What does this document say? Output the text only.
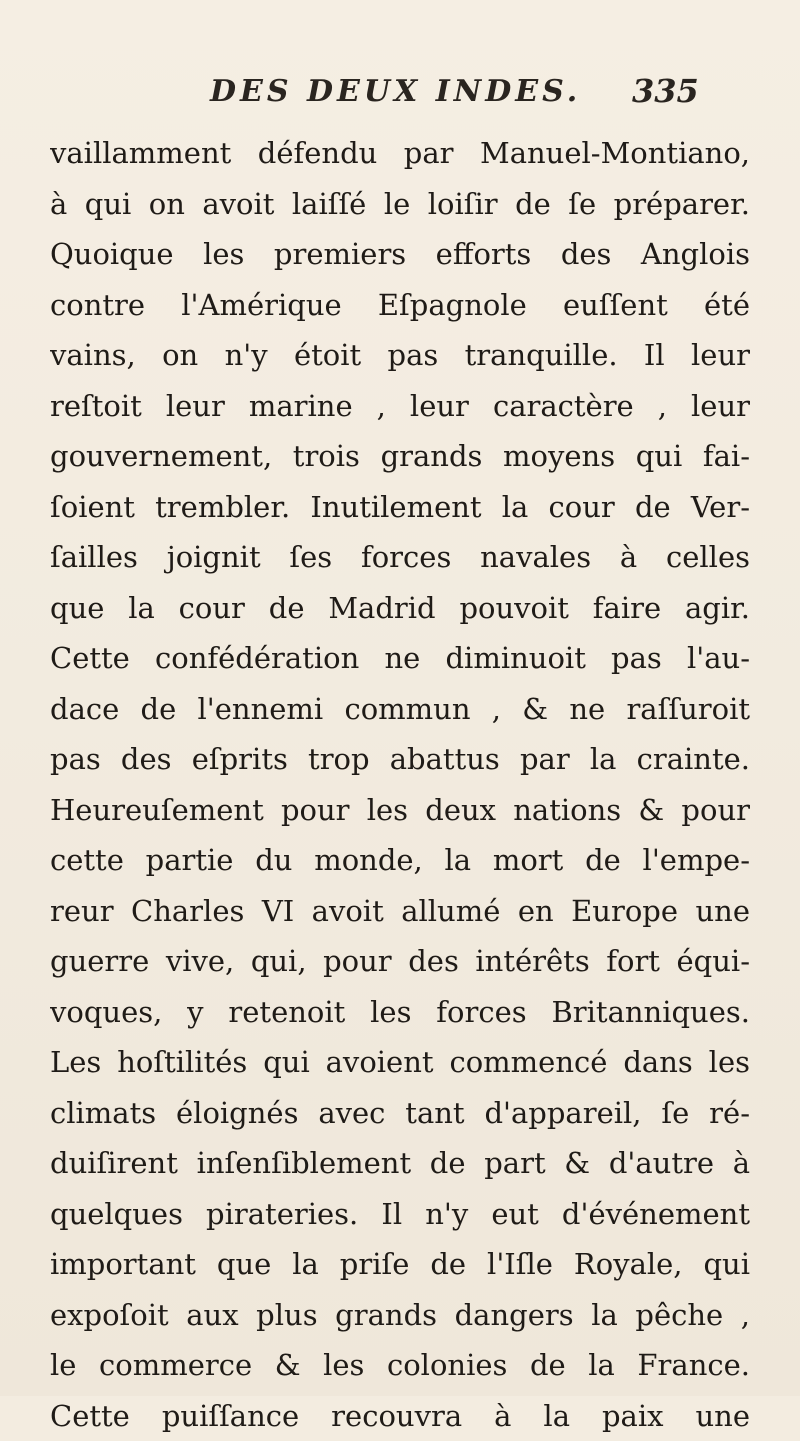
DES DEUX INDES. 335
vaillamment défendu par Manuel-Montiano,
à qui on avoit laiſſé le loiſir de ſe préparer.
Quoique les premiers efforts des Anglois
contre l'Amérique Eſpagnole euſſent été
vains, on n'y étoit pas tranquille. Il leur
reſtoit leur marine , leur caractère , leur
gouvernement, trois grands moyens qui fai-
ſoient trembler. Inutilement la cour de Ver-
ſailles joignit ſes forces navales à celles
que la cour de Madrid pouvoit faire agir.
Cette confédération ne diminuoit pas l'au-
dace de l'ennemi commun , & ne raſſuroit
pas des eſprits trop abattus par la crainte.
Heureuſement pour les deux nations & pour
cette partie du monde, la mort de l'empe-
reur Charles VI avoit allumé en Europe une
guerre vive, qui, pour des intérêts fort équi-
voques, y retenoit les forces Britanniques.
Les hoſtilités qui avoient commencé dans les
climats éloignés avec tant d'appareil, ſe ré-
duiſirent inſenſiblement de part & d'autre à
quelques pirateries. Il n'y eut d'événement
important que la priſe de l'Iſle Royale, qui
expoſoit aux plus grands dangers la pêche ,
le commerce & les colonies de la France.
Cette puiſſance recouvra à la paix une
